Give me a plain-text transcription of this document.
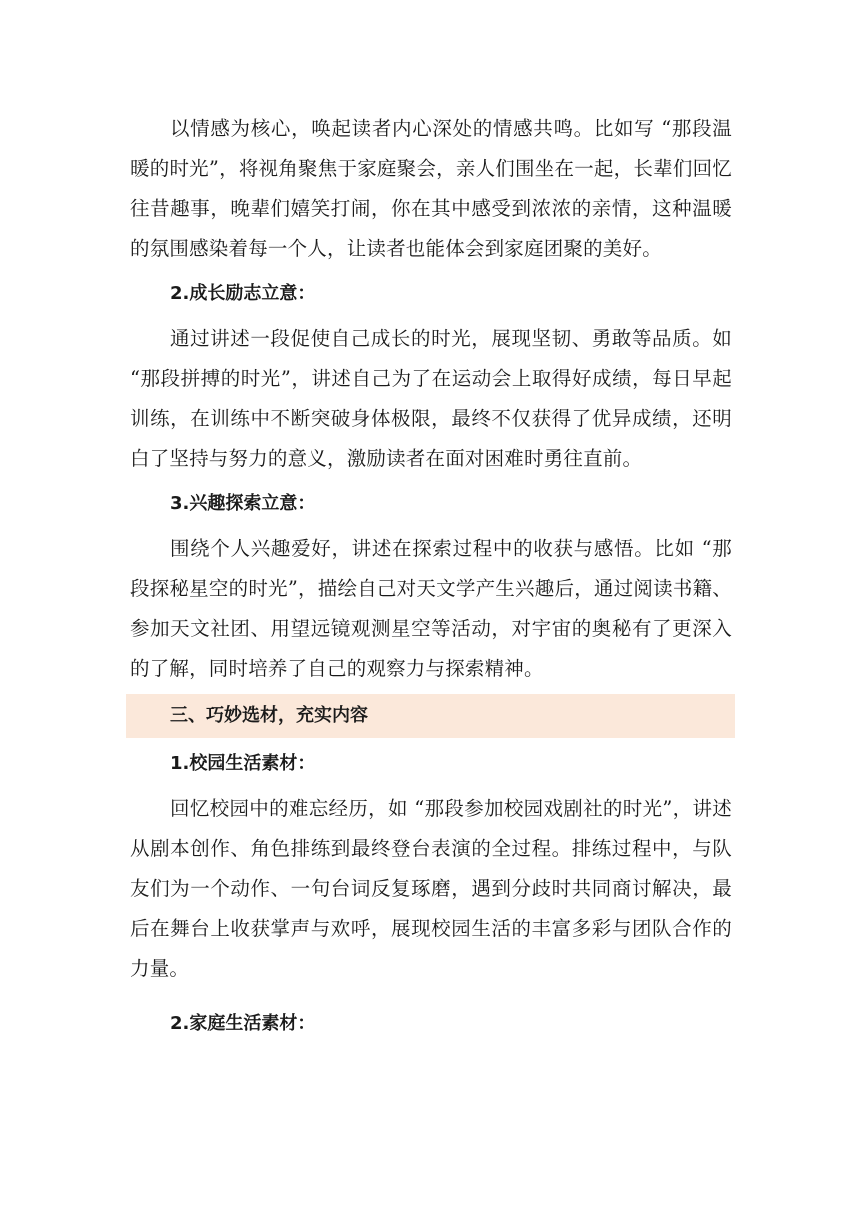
以情感为核心，唤起读者内心深处的情感共鸣。比如写 “那段温暖的时光”，将视角聚焦于家庭聚会，亲人们围坐在一起，长辈们回忆往昔趣事，晚辈们嬉笑打闹，你在其中感受到浓浓的亲情，这种温暖的氛围感染着每一个人，让读者也能体会到家庭团聚的美好。

2.成长励志立意：

通过讲述一段促使自己成长的时光，展现坚韧、勇敢等品质。如 “那段拼搏的时光”，讲述自己为了在运动会上取得好成绩，每日早起训练，在训练中不断突破身体极限，最终不仅获得了优异成绩，还明白了坚持与努力的意义，激励读者在面对困难时勇往直前。

3.兴趣探索立意：

围绕个人兴趣爱好，讲述在探索过程中的收获与感悟。比如 “那段探秘星空的时光”，描绘自己对天文学产生兴趣后，通过阅读书籍、参加天文社团、用望远镜观测星空等活动，对宇宙的奥秘有了更深入的了解，同时培养了自己的观察力与探索精神。

三、巧妙选材，充实内容
1.校园生活素材：

回忆校园中的难忘经历，如 “那段参加校园戏剧社的时光”，讲述从剧本创作、角色排练到最终登台表演的全过程。排练过程中，与队友们为一个动作、一句台词反复琢磨，遇到分歧时共同商讨解决，最后在舞台上收获掌声与欢呼，展现校园生活的丰富多彩与团队合作的力量。

2.家庭生活素材：
